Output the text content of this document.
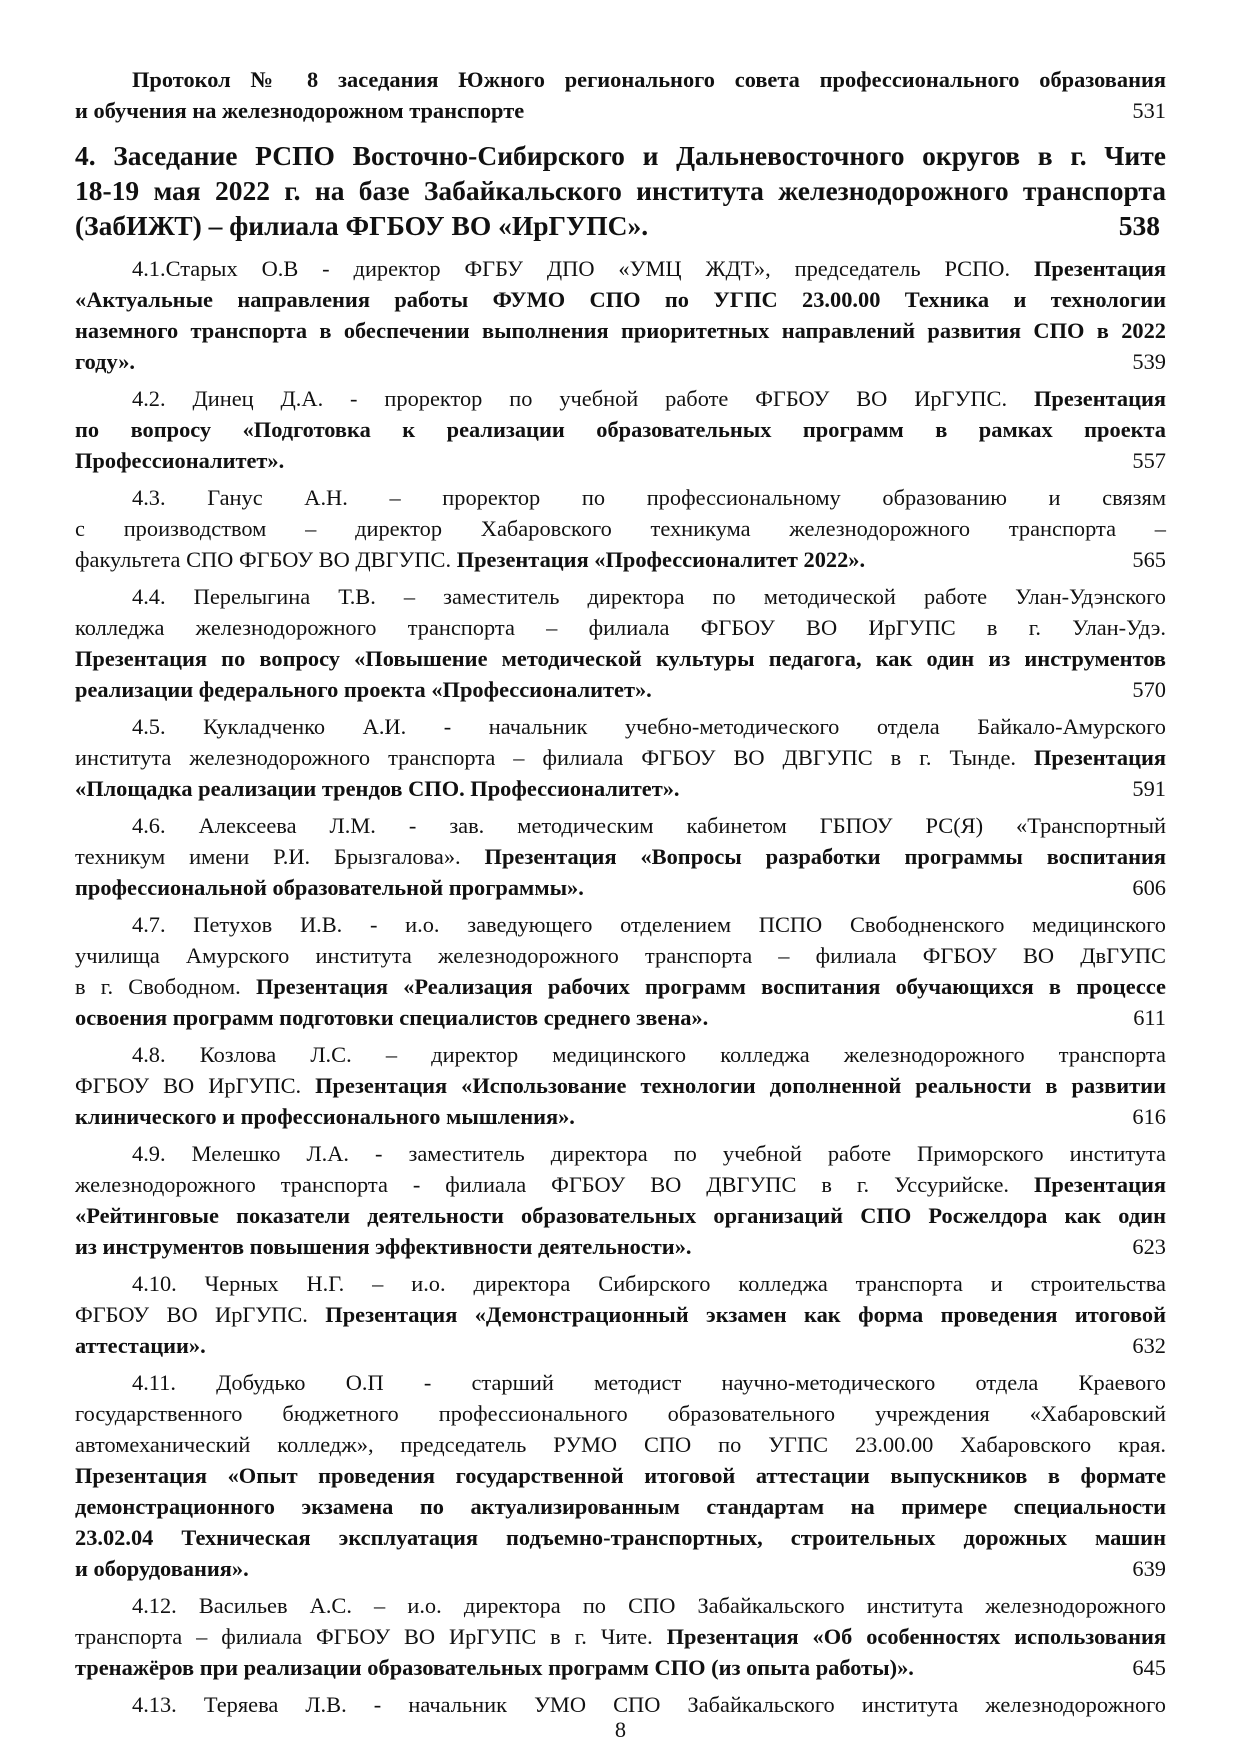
Протокол № 8 заседания Южного регионального совета профессионального образования
и обучения на железнодорожном транспорте	531
4. Заседание РСПО Восточно-Сибирского и Дальневосточного округов в г. Чите
18-19 мая 2022 г. на базе Забайкальского института железнодорожного транспорта
(ЗабИЖТ) – филиала ФГБОУ ВО «ИрГУПС».	538
4.1.Старых О.В - директор ФГБУ ДПО «УМЦ ЖДТ», председатель РСПО. Презентация
«Актуальные направления работы ФУМО СПО по УГПС 23.00.00 Техника и технологии
наземного транспорта в обеспечении выполнения приоритетных направлений развития СПО в 2022
году».	539
4.2. Динец Д.А. - проректор по учебной работе ФГБОУ ВО ИрГУПС. Презентация
по вопросу «Подготовка к реализации образовательных программ в рамках проекта
Профессионалитет».	557
4.3. Ганус А.Н. – проректор по профессиональному образованию и связям
с производством – директор Хабаровского техникума железнодорожного транспорта –
факультета СПО ФГБОУ ВО ДВГУПС. Презентация «Профессионалитет 2022».	565
4.4. Перелыгина Т.В. – заместитель директора по методической работе Улан-Удэнского
колледжа железнодорожного транспорта – филиала ФГБОУ ВО ИрГУПС в г. Улан-Удэ.
Презентация по вопросу «Повышение методической культуры педагога, как один из инструментов
реализации федерального проекта «Профессионалитет».	570
4.5. Кукладченко А.И. - начальник учебно-методического отдела Байкало-Амурского
института железнодорожного транспорта – филиала ФГБОУ ВО ДВГУПС в г. Тынде. Презентация
«Площадка реализации трендов СПО. Профессионалитет».	591
4.6. Алексеева Л.М. - зав. методическим кабинетом ГБПОУ РС(Я) «Транспортный
техникум имени Р.И. Брызгалова». Презентация «Вопросы разработки программы воспитания
профессиональной образовательной программы».	606
4.7. Петухов И.В. - и.о. заведующего отделением ПСПО Свободненского медицинского
училища Амурского института железнодорожного транспорта – филиала ФГБОУ ВО ДвГУПС
в г. Свободном. Презентация «Реализация рабочих программ воспитания обучающихся в процессе
освоения программ подготовки специалистов среднего звена».	611
4.8. Козлова Л.С. – директор медицинского колледжа железнодорожного транспорта
ФГБОУ ВО ИрГУПС. Презентация «Использование технологии дополненной реальности в развитии
клинического и профессионального мышления».	616
4.9. Мелешко Л.А. - заместитель директора по учебной работе Приморского института
железнодорожного транспорта - филиала ФГБОУ ВО ДВГУПС в г. Уссурийске. Презентация
«Рейтинговые показатели деятельности образовательных организаций СПО Росжелдора как один
из инструментов повышения эффективности деятельности».	623
4.10. Черных Н.Г. – и.о. директора Сибирского колледжа транспорта и строительства
ФГБОУ ВО ИрГУПС. Презентация «Демонстрационный экзамен как форма проведения итоговой
аттестации».	632
4.11. Добудько О.П - старший методист научно-методического отдела Краевого
государственного бюджетного профессионального образовательного учреждения «Хабаровский
автомеханический колледж», председатель РУМО СПО по УГПС 23.00.00 Хабаровского края.
Презентация «Опыт проведения государственной итоговой аттестации выпускников в формате
демонстрационного экзамена по актуализированным стандартам на примере специальности
23.02.04 Техническая эксплуатация подъемно-транспортных, строительных дорожных машин
и оборудования».	639
4.12. Васильев А.С. – и.о. директора по СПО Забайкальского института железнодорожного
транспорта – филиала ФГБОУ ВО ИрГУПС в г. Чите. Презентация «Об особенностях использования
тренажёров при реализации образовательных программ СПО (из опыта работы)».	645
4.13. Теряева Л.В. - начальник УМО СПО Забайкальского института железнодорожного
8
